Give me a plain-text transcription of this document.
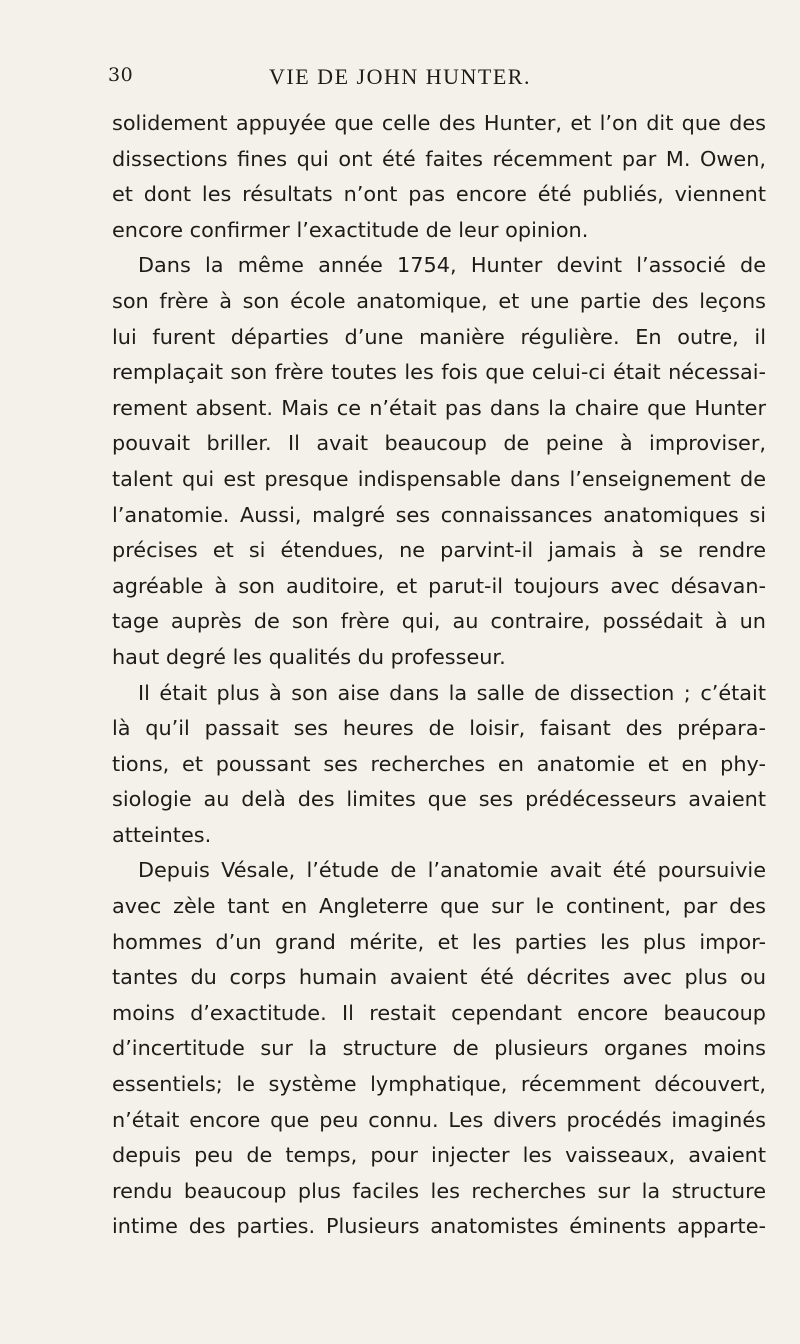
30	VIE DE JOHN HUNTER.
solidement appuyée que celle des Hunter, et l’on dit que des
dissections fines qui ont été faites récemment par M. Owen,
et dont les résultats n’ont pas encore été publiés, viennent
encore confirmer l’exactitude de leur opinion.
Dans la même année 1754, Hunter devint l’associé de
son frère à son école anatomique, et une partie des leçons
lui furent départies d’une manière régulière. En outre, il
remplaçait son frère toutes les fois que celui-ci était nécessai-
rement absent. Mais ce n’était pas dans la chaire que Hunter
pouvait briller. Il avait beaucoup de peine à improviser,
talent qui est presque indispensable dans l’enseignement de
l’anatomie. Aussi, malgré ses connaissances anatomiques si
précises et si étendues, ne parvint-il jamais à se rendre
agréable à son auditoire, et parut-il toujours avec désavan-
tage auprès de son frère qui, au contraire, possédait à un
haut degré les qualités du professeur.
Il était plus à son aise dans la salle de dissection ; c’était
là qu’il passait ses heures de loisir, faisant des prépara-
tions, et poussant ses recherches en anatomie et en phy-
siologie au delà des limites que ses prédécesseurs avaient
atteintes.
Depuis Vésale, l’étude de l’anatomie avait été poursuivie
avec zèle tant en Angleterre que sur le continent, par des
hommes d’un grand mérite, et les parties les plus impor-
tantes du corps humain avaient été décrites avec plus ou
moins d’exactitude. Il restait cependant encore beaucoup
d’incertitude sur la structure de plusieurs organes moins
essentiels; le système lymphatique, récemment découvert,
n’était encore que peu connu. Les divers procédés imaginés
depuis peu de temps, pour injecter les vaisseaux, avaient
rendu beaucoup plus faciles les recherches sur la structure
intime des parties. Plusieurs anatomistes éminents apparte-
